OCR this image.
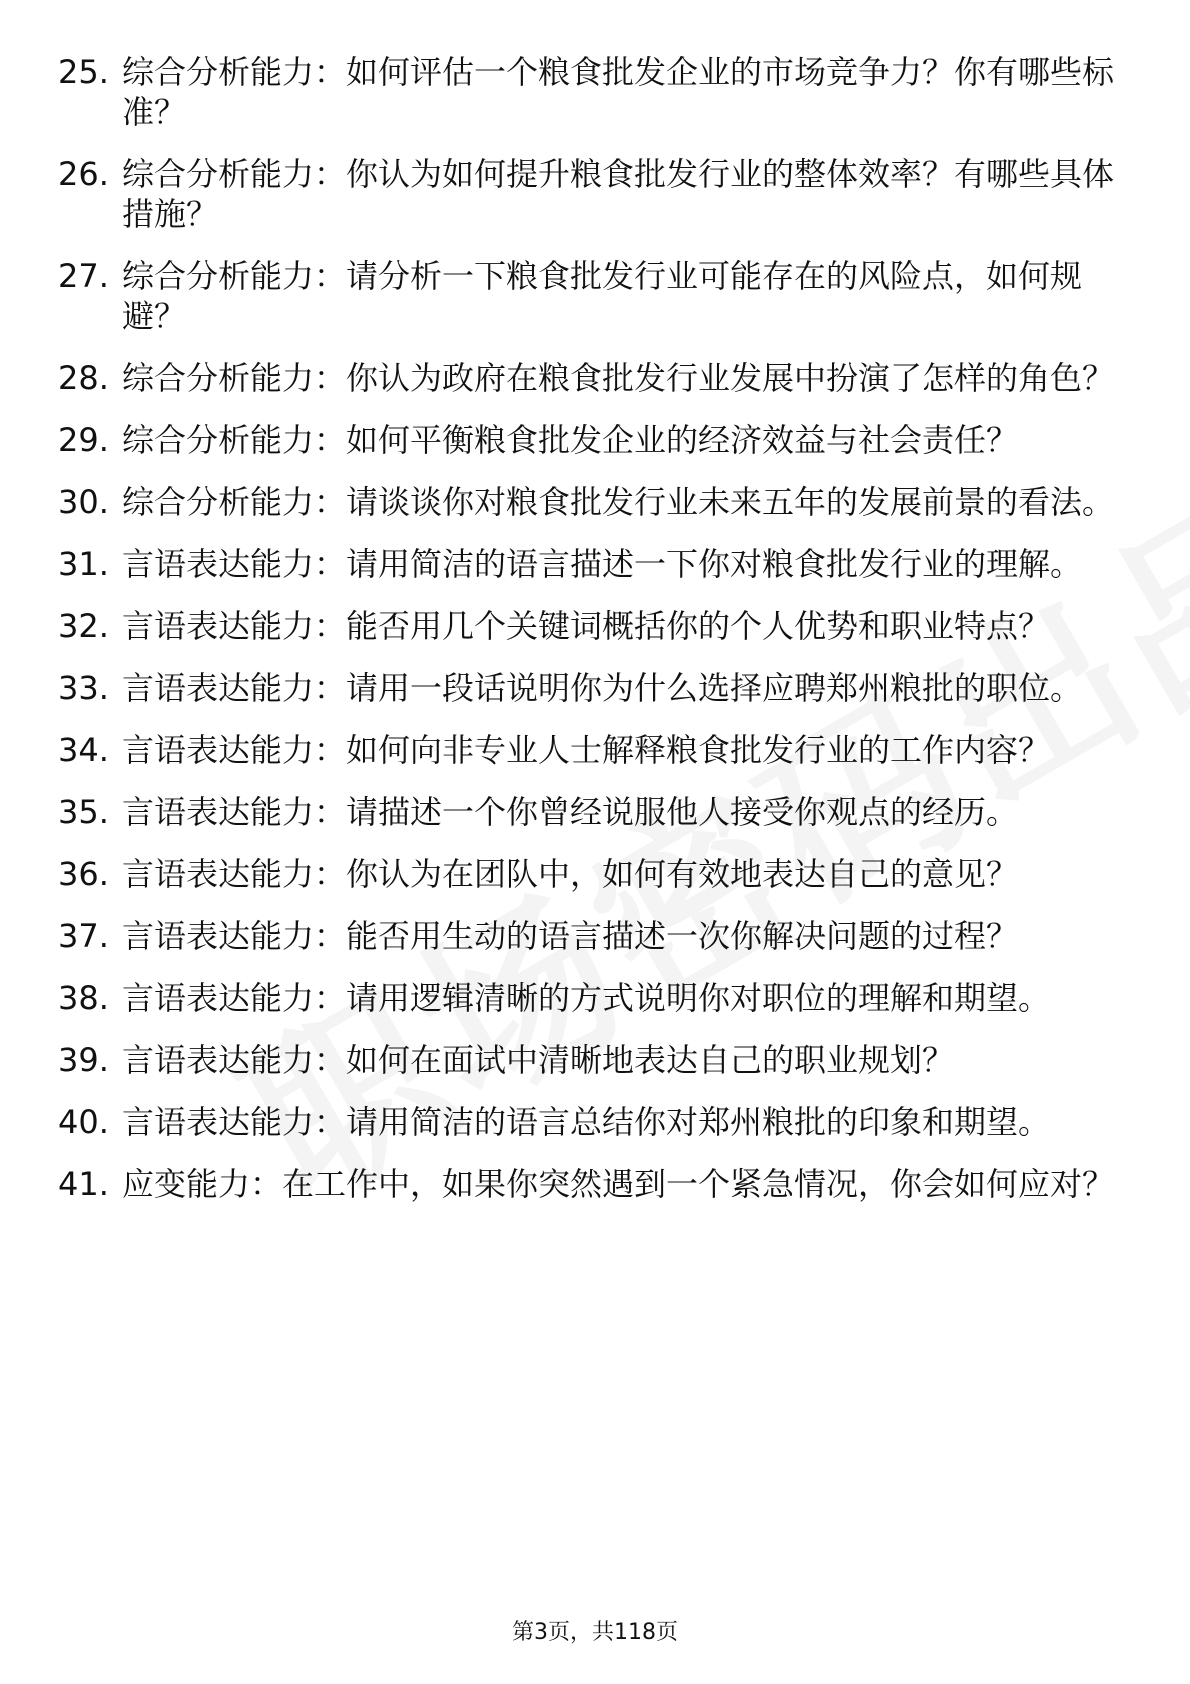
25. 综合分析能力：如何评估一个粮食批发企业的市场竞争力？你有哪些标准？
26. 综合分析能力：你认为如何提升粮食批发行业的整体效率？有哪些具体措施？
27. 综合分析能力：请分析一下粮食批发行业可能存在的风险点，如何规避？
28. 综合分析能力：你认为政府在粮食批发行业发展中扮演了怎样的角色？
29. 综合分析能力：如何平衡粮食批发企业的经济效益与社会责任？
30. 综合分析能力：请谈谈你对粮食批发行业未来五年的发展前景的看法。
31. 言语表达能力：请用简洁的语言描述一下你对粮食批发行业的理解。
32. 言语表达能力：能否用几个关键词概括你的个人优势和职业特点？
33. 言语表达能力：请用一段话说明你为什么选择应聘郑州粮批的职位。
34. 言语表达能力：如何向非专业人士解释粮食批发行业的工作内容？
35. 言语表达能力：请描述一个你曾经说服他人接受你观点的经历。
36. 言语表达能力：你认为在团队中，如何有效地表达自己的意见？
37. 言语表达能力：能否用生动的语言描述一次你解决问题的过程？
38. 言语表达能力：请用逻辑清晰的方式说明你对职位的理解和期望。
39. 言语表达能力：如何在面试中清晰地表达自己的职业规划？
40. 言语表达能力：请用简洁的语言总结你对郑州粮批的印象和期望。
41. 应变能力：在工作中，如果你突然遇到一个紧急情况，你会如何应对？
第3页，共118页
